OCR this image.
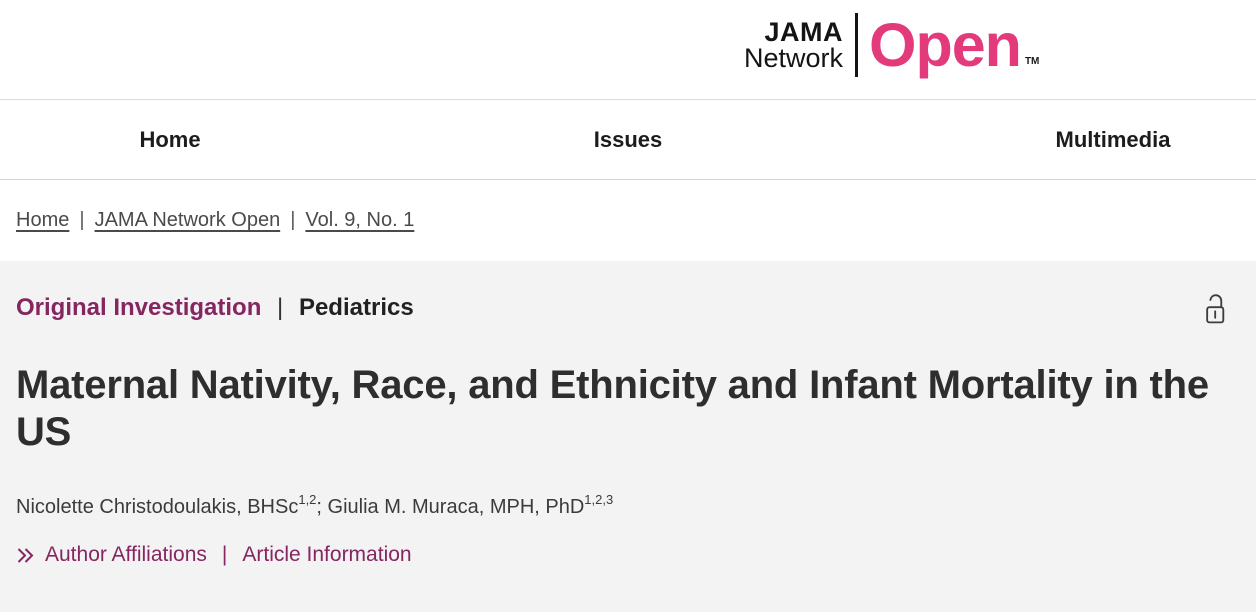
JAMA
Network Open TM
Home	Issues	Multimedia
Home | JAMA Network Open | Vol. 9, No. 1
Original Investigation | Pediatrics
Maternal Nativity, Race, and Ethnicity and Infant Mortality in the US

Nicolette Christodoulakis, BHSc$^{1,2}$; Giulia M. Muraca, MPH, PhD$^{1,2,3}$

Author Affiliations | Article Information
